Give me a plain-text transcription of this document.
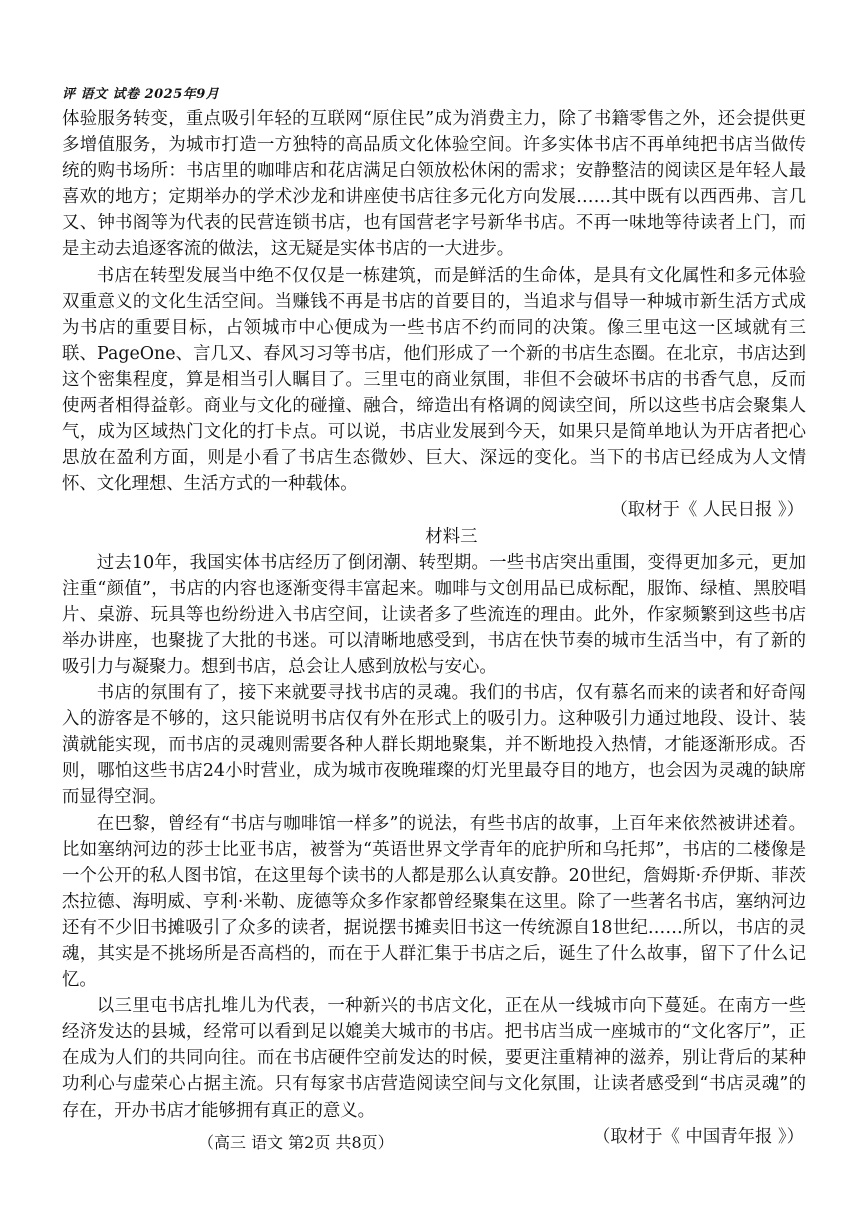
评 语文 试卷 2025年9月

体验服务转变，重点吸引年轻的互联网“原住民”成为消费主力，除了书籍零售之外，还会提供更多增值服务，为城市打造一方独特的高品质文化体验空间。许多实体书店不再单纯把书店当做传统的购书场所：书店里的咖啡店和花店满足白领放松休闲的需求；安静整洁的阅读区是年轻人最喜欢的地方；定期举办的学术沙龙和讲座使书店往多元化方向发展……其中既有以西西弗、言几又、钟书阁等为代表的民营连锁书店，也有国营老字号新华书店。不再一味地等待读者上门，而是主动去追逐客流的做法，这无疑是实体书店的一大进步。

书店在转型发展当中绝不仅仅是一栋建筑，而是鲜活的生命体，是具有文化属性和多元体验双重意义的文化生活空间。当赚钱不再是书店的首要目的，当追求与倡导一种城市新生活方式成为书店的重要目标，占领城市中心便成为一些书店不约而同的决策。像三里屯这一区域就有三联、PageOne、言几又、春风习习等书店，他们形成了一个新的书店生态圈。在北京，书店达到这个密集程度，算是相当引人瞩目了。三里屯的商业氛围，非但不会破坏书店的书香气息，反而使两者相得益彰。商业与文化的碰撞、融合，缔造出有格调的阅读空间，所以这些书店会聚集人气，成为区域热门文化的打卡点。可以说，书店业发展到今天，如果只是简单地认为开店者把心思放在盈利方面，则是小看了书店生态微妙、巨大、深远的变化。当下的书店已经成为人文情怀、文化理想、生活方式的一种载体。

（取材于《 人民日报 》）

材料三

过去10年，我国实体书店经历了倒闭潮、转型期。一些书店突出重围，变得更加多元，更加注重“颜值”，书店的内容也逐渐变得丰富起来。咖啡与文创用品已成标配，服饰、绿植、黑胶唱片、桌游、玩具等也纷纷进入书店空间，让读者多了些流连的理由。此外，作家频繁到这些书店举办讲座，也聚拢了大批的书迷。可以清晰地感受到，书店在快节奏的城市生活当中，有了新的吸引力与凝聚力。想到书店，总会让人感到放松与安心。

书店的氛围有了，接下来就要寻找书店的灵魂。我们的书店，仅有慕名而来的读者和好奇闯入的游客是不够的，这只能说明书店仅有外在形式上的吸引力。这种吸引力通过地段、设计、装潢就能实现，而书店的灵魂则需要各种人群长期地聚集，并不断地投入热情，才能逐渐形成。否则，哪怕这些书店24小时营业，成为城市夜晚璀璨的灯光里最夺目的地方，也会因为灵魂的缺席而显得空洞。

在巴黎，曾经有“书店与咖啡馆一样多”的说法，有些书店的故事，上百年来依然被讲述着。比如塞纳河边的莎士比亚书店，被誉为“英语世界文学青年的庇护所和乌托邦”，书店的二楼像是一个公开的私人图书馆，在这里每个读书的人都是那么认真安静。20世纪，詹姆斯·乔伊斯、菲茨杰拉德、海明威、亨利·米勒、庞德等众多作家都曾经聚集在这里。除了一些著名书店，塞纳河边还有不少旧书摊吸引了众多的读者，据说摆书摊卖旧书这一传统源自18世纪……所以，书店的灵魂，其实是不挑场所是否高档的，而在于人群汇集于书店之后，诞生了什么故事，留下了什么记忆。

以三里屯书店扎堆儿为代表，一种新兴的书店文化，正在从一线城市向下蔓延。在南方一些经济发达的县城，经常可以看到足以媲美大城市的书店。把书店当成一座城市的“文化客厅”，正在成为人们的共同向往。而在书店硬件空前发达的时候，要更注重精神的滋养，别让背后的某种功利心与虚荣心占据主流。只有每家书店营造阅读空间与文化氛围，让读者感受到“书店灵魂”的存在，开办书店才能够拥有真正的意义。

（取材于《 中国青年报 》）

（高三 语文 第2页 共8页）
